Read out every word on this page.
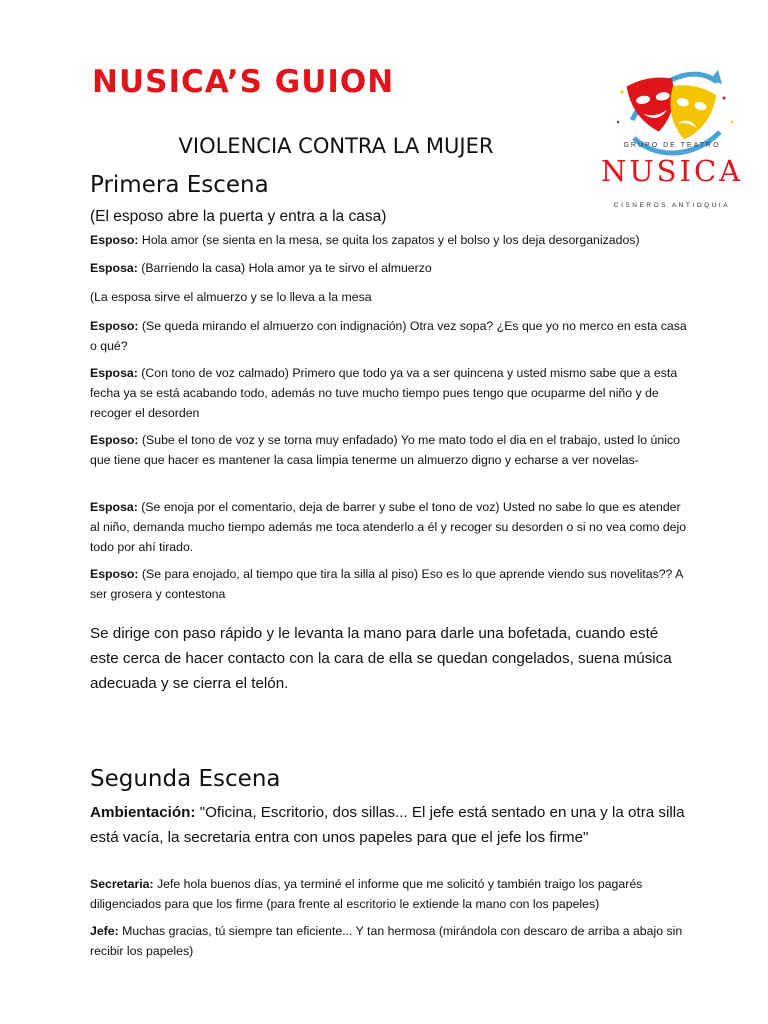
NUSICA’S GUION
GRUPO DE TEATRO
NUSICA
CISNEROS ANTIOQUIA
VIOLENCIA CONTRA LA MUJER
Primera Escena
(El esposo abre la puerta y entra a la casa)
Esposo: Hola amor (se sienta en la mesa, se quita los zapatos y el bolso y los deja desorganizados)
Esposa: (Barriendo la casa) Hola amor ya te sirvo el almuerzo
(La esposa sirve el almuerzo y se lo lleva a la mesa
Esposo: (Se queda mirando el almuerzo con indignación) Otra vez sopa? ¿Es que yo no merco en esta casa o qué?
Esposa: (Con tono de voz calmado) Primero que todo ya va a ser quincena y usted mismo sabe que a esta fecha ya se está acabando todo, además no tuve mucho tiempo pues tengo que ocuparme del niño y de recoger el desorden
Esposo: (Sube el tono de voz y se torna muy enfadado) Yo me mato todo el dia en el trabajo, usted lo único que tiene que hacer es mantener la casa limpia tenerme un almuerzo digno y echarse a ver novelas-
Esposa: (Se enoja por el comentario, deja de barrer y sube el tono de voz) Usted no sabe lo que es atender al niño, demanda mucho tiempo además me toca atenderlo a él y recoger su desorden o si no vea como dejo todo por ahí tirado.
Esposo: (Se para enojado, al tiempo que tira la silla al piso) Eso es lo que aprende viendo sus novelitas?? A ser grosera y contestona
Se dirige con paso rápido y le levanta la mano para darle una bofetada, cuando esté este cerca de hacer contacto con la cara de ella se quedan congelados, suena música adecuada y se cierra el telón.
Segunda Escena
Ambientación: "Oficina, Escritorio, dos sillas... El jefe está sentado en una y la otra silla está vacía, la secretaria entra con unos papeles para que el jefe los firme"
Secretaria: Jefe hola buenos días, ya terminé el informe que me solicitó y también traigo los pagarés diligenciados para que los firme (para frente al escritorio le extiende la mano con los papeles)
Jefe: Muchas gracias, tú siempre tan eficiente... Y tan hermosa (mirándola con descaro de arriba a abajo sin recibir los papeles)
